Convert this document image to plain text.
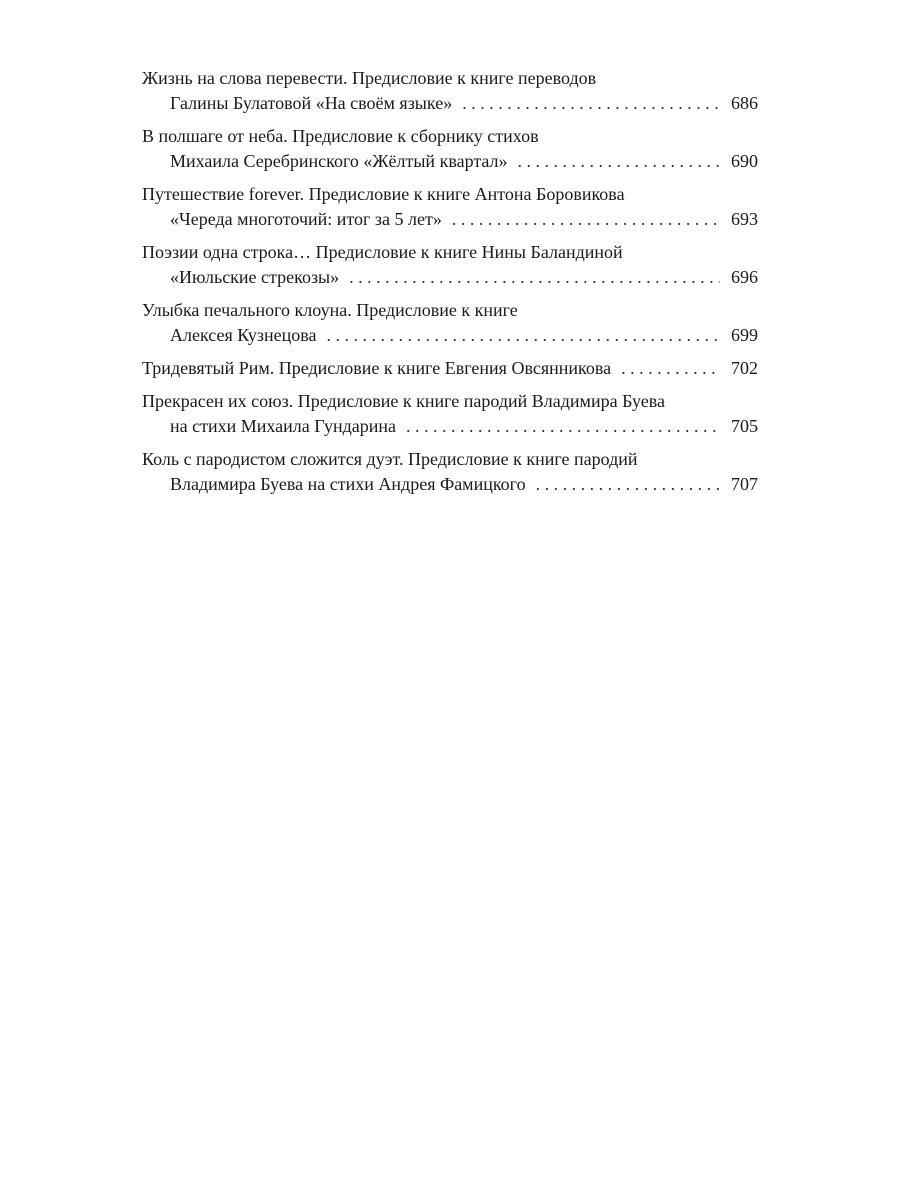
Жизнь на слова перевести. Предисловие к книге переводов
Галины Булатовой «На своём языке» . . .	686
В полшаге от неба. Предисловие к сборнику стихов
Михаила Серебринского «Жёлтый квартал» . . .	690
Путешествие forever. Предисловие к книге Антона Боровикова
«Череда многоточий: итог за 5 лет» . . .	693
Поэзии одна строка… Предисловие к книге Нины Баландиной
«Июльские стрекозы» . . .	696
Улыбка печального клоуна. Предисловие к книге
Алексея Кузнецова . . .	699
Тридевятый Рим. Предисловие к книге Евгения Овсянникова . . .	702
Прекрасен их союз. Предисловие к книге пародий Владимира Буева
на стихи Михаила Гундарина . . .	705
Коль с пародистом сложится дуэт. Предисловие к книге пародий
Владимира Буева на стихи Андрея Фамицкого . . .	707
